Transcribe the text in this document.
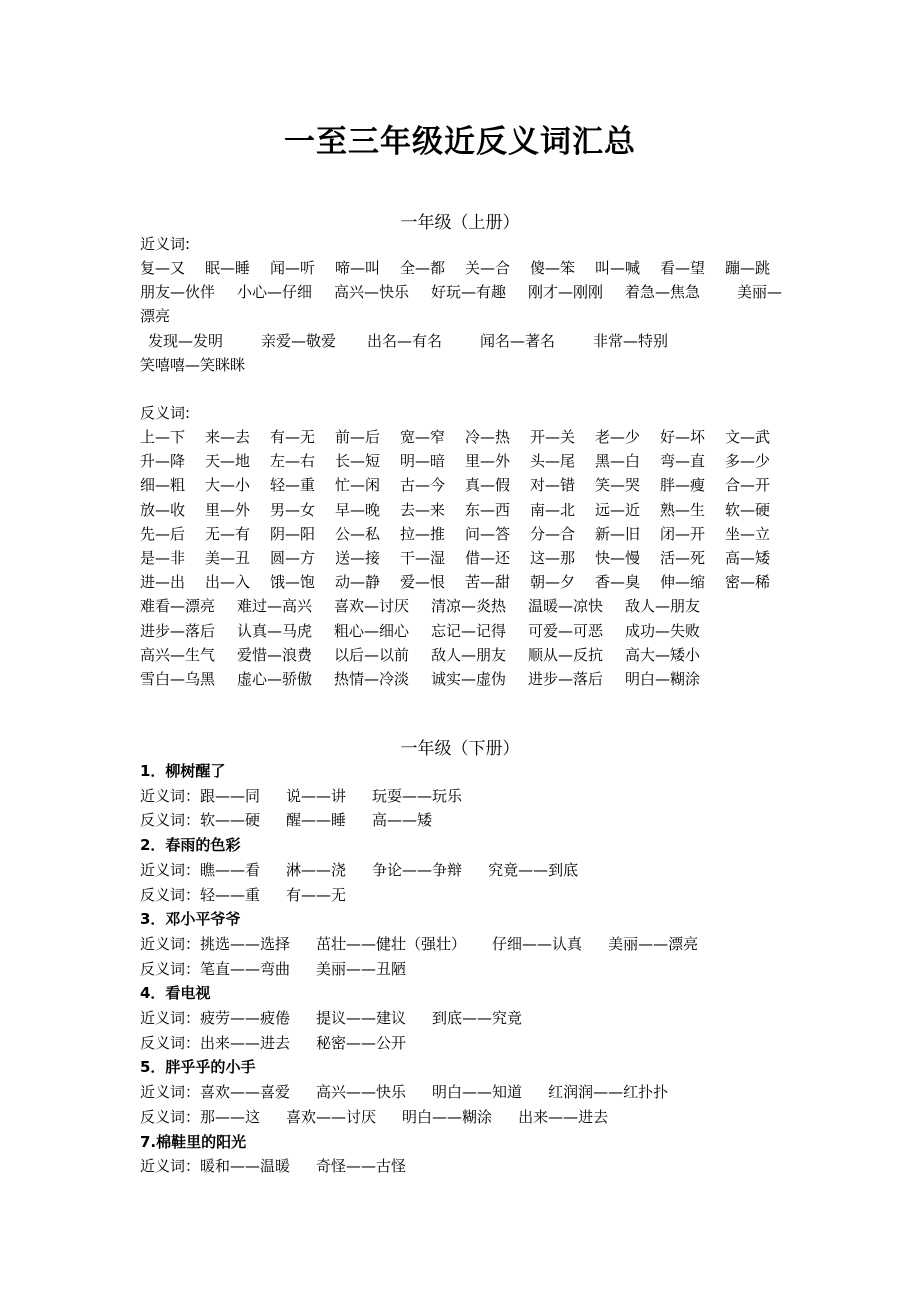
一至三年级近反义词汇总
一年级（上册）
近义词:
复—又 眠—睡 闻—听 啼—叫 全—都 关—合 傻—笨 叫—喊 看—望 蹦—跳
朋友—伙伴 小心—仔细 高兴—快乐 好玩—有趣 刚才—刚刚 着急—焦急 美丽—
漂亮
发现—发明	亲爱—敬爱 出名—有名	闻名—著名	非常—特别
笑嘻嘻—笑眯眯
反义词:
上—下 来—去 有—无 前—后 宽—窄 冷—热 开—关 老—少 好—坏 文—武
升—降 天—地 左—右 长—短 明—暗 里—外 头—尾 黑—白 弯—直 多—少
细—粗 大—小 轻—重 忙—闲 古—今 真—假 对—错 笑—哭 胖—瘦 合—开
放—收 里—外 男—女 早—晚 去—来 东—西 南—北 远—近 熟—生 软—硬
先—后 无—有 阴—阳 公—私 拉—推 问—答 分—合 新—旧 闭—开 坐—立
是—非 美—丑 圆—方 送—接 干—湿 借—还 这—那 快—慢 活—死 高—矮
进—出 出—入 饿—饱 动—静 爱—恨 苦—甜 朝—夕 香—臭 伸—缩 密—稀
难看—漂亮 难过—高兴 喜欢—讨厌 清凉—炎热 温暖—凉快 敌人—朋友
进步—落后 认真—马虎 粗心—细心 忘记—记得 可爱—可恶 成功—失败
高兴—生气 爱惜—浪费 以后—以前 敌人—朋友 顺从—反抗 高大—矮小
雪白—乌黑 虚心—骄傲 热情—冷淡 诚实—虚伪 进步—落后 明白—糊涂
一年级（下册）
1．柳树醒了
近义词：跟——同 说——讲 玩耍——玩乐
反义词：软——硬 醒——睡 高——矮
2．春雨的色彩
近义词：瞧——看 淋——浇 争论——争辩 究竟——到底
反义词：轻——重 有——无
3．邓小平爷爷
近义词：挑选——选择 茁壮——健壮（强壮） 仔细——认真 美丽——漂亮
反义词：笔直——弯曲 美丽——丑陋
4．看电视
近义词：疲劳——疲倦 提议——建议 到底——究竟
反义词：出来——进去 秘密——公开
5．胖乎乎的小手
近义词：喜欢——喜爱 高兴——快乐 明白——知道 红润润——红扑扑
反义词：那——这 喜欢——讨厌 明白——糊涂 出来——进去
7.棉鞋里的阳光
近义词：暖和——温暖 奇怪——古怪
